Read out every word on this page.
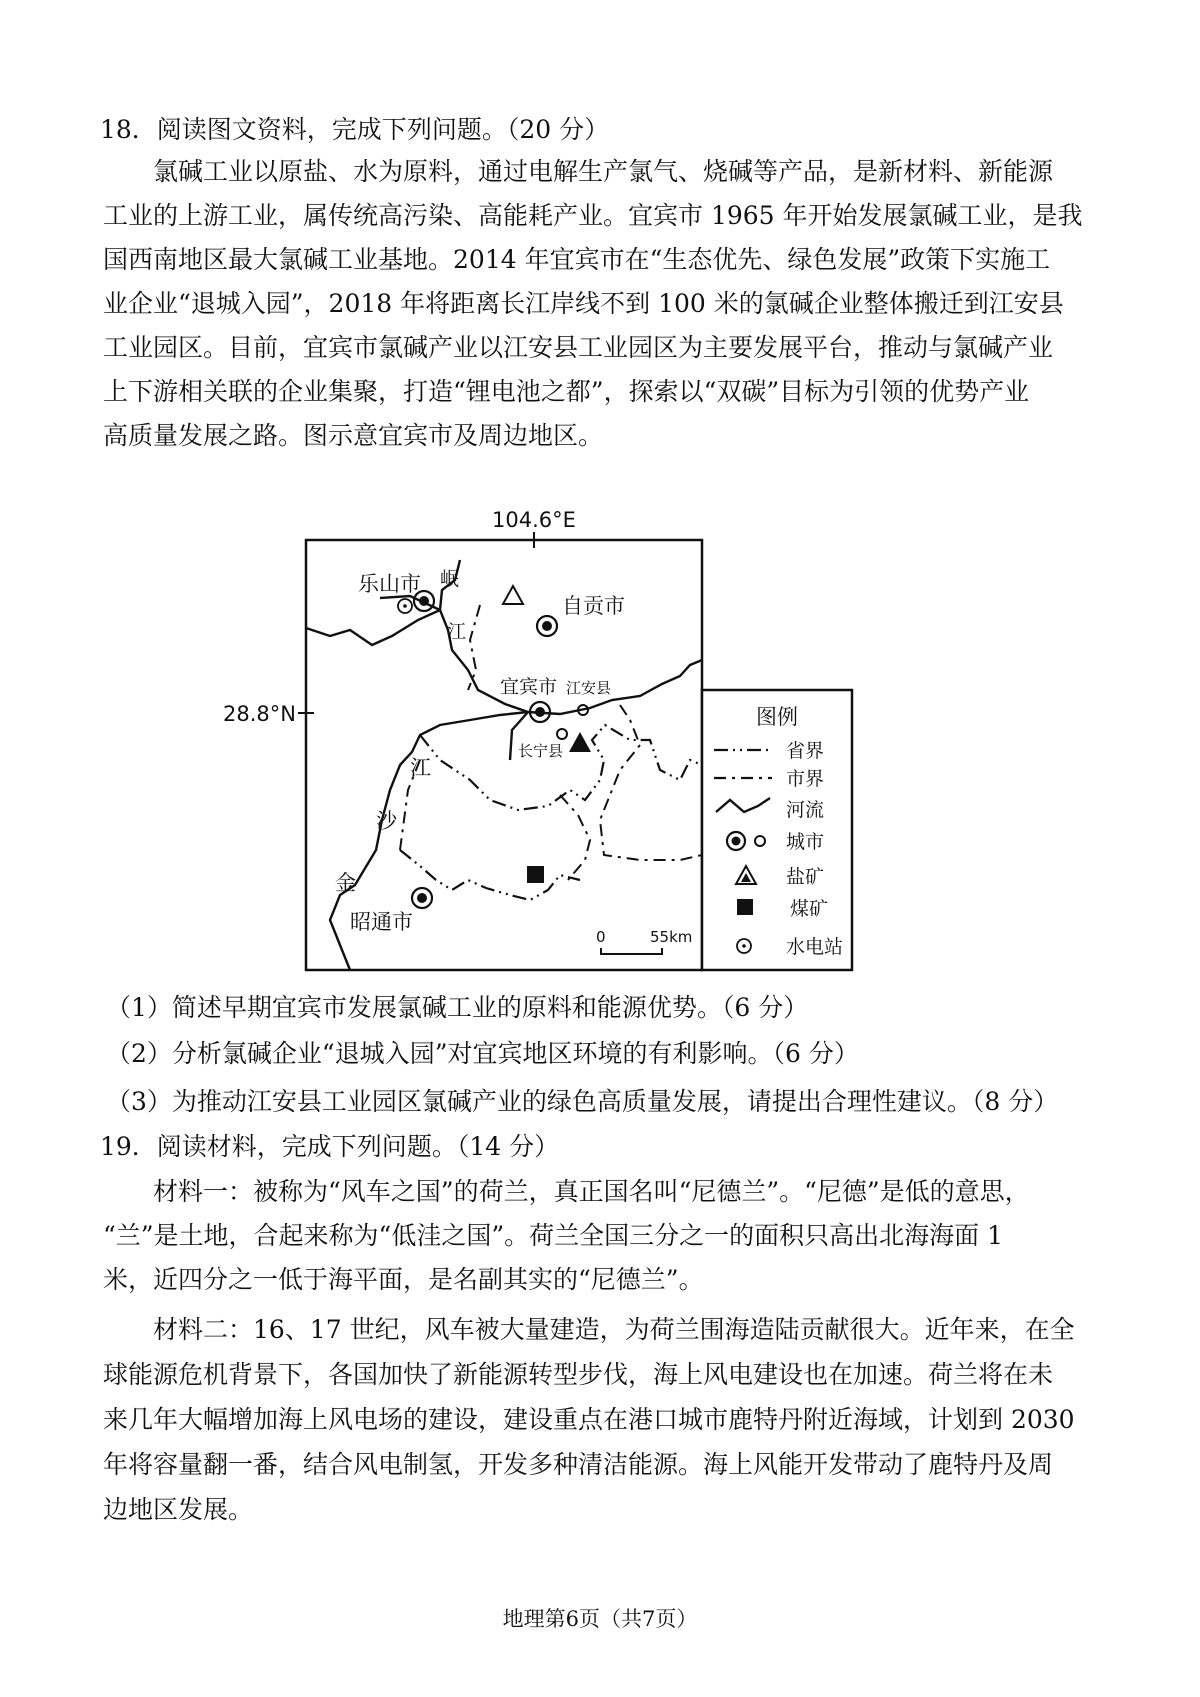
18．阅读图文资料，完成下列问题。（20 分）
氯碱工业以原盐、水为原料，通过电解生产氯气、烧碱等产品，是新材料、新能源
工业的上游工业，属传统高污染、高能耗产业。宜宾市 1965 年开始发展氯碱工业，是我
国西南地区最大氯碱工业基地。2014 年宜宾市在“生态优先、绿色发展”政策下实施工
业企业“退城入园”，2018 年将距离长江岸线不到 100 米的氯碱企业整体搬迁到江安县
工业园区。目前，宜宾市氯碱产业以江安县工业园区为主要发展平台，推动与氯碱产业
上下游相关联的企业集聚，打造“锂电池之都”，探索以“双碳”目标为引领的优势产业
高质量发展之路。图示意宜宾市及周边地区。
104.6°E
28.8°N
乐山市 岷
江
自贡市
宜宾市 江安县
长宁县
江
沙
金
昭通市
0	55km
图例
省界
市界
河流
城市
盐矿
煤矿
水电站
（1）简述早期宜宾市发展氯碱工业的原料和能源优势。（6 分）
（2）分析氯碱企业“退城入园”对宜宾地区环境的有利影响。（6 分）
（3）为推动江安县工业园区氯碱产业的绿色高质量发展，请提出合理性建议。（8 分）
19．阅读材料，完成下列问题。（14 分）
材料一：被称为“风车之国”的荷兰，真正国名叫“尼德兰”。“尼德”是低的意思，
“兰”是土地，合起来称为“低洼之国”。荷兰全国三分之一的面积只高出北海海面 1
米，近四分之一低于海平面，是名副其实的“尼德兰”。
材料二：16、17 世纪，风车被大量建造，为荷兰围海造陆贡献很大。近年来，在全
球能源危机背景下，各国加快了新能源转型步伐，海上风电建设也在加速。荷兰将在未
来几年大幅增加海上风电场的建设，建设重点在港口城市鹿特丹附近海域，计划到 2030
年将容量翻一番，结合风电制氢，开发多种清洁能源。海上风能开发带动了鹿特丹及周
边地区发展。
地理第6页（共7页）
